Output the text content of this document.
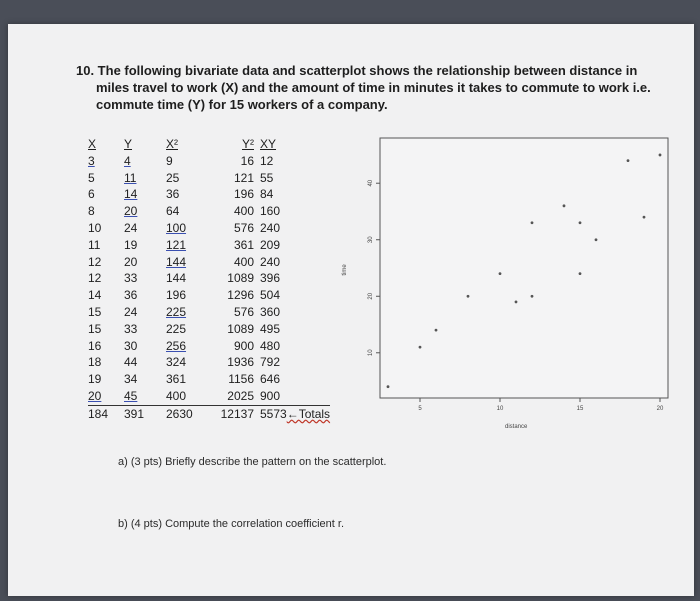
10. The following bivariate data and scatterplot shows the relationship between distance in
miles travel to work (X) and the amount of time in minutes it takes to commute to work i.e.
commute time (Y) for 15 workers of a company.
X	Y	X²	Y²	XY
3	4	9	16	12
5	11	25	121	55
6	14	36	196	84
8	20	64	400	160
10	24	100	576	240
11	19	121	361	209
12	20	144	400	240
12	33	144	1089	396
14	36	196	1296	504
15	24	225	576	360
15	33	225	1089	495
16	30	256	900	480
18	44	324	1936	792
19	34	361	1156	646
20	45	400	2025	900
184	391	2630	12137	5573←Totals
a) (3 pts) Briefly describe the pattern on the scatterplot.
b) (4 pts) Compute the correlation coefficient r.
5	10	15	20
10
20
30
40
distance
time
